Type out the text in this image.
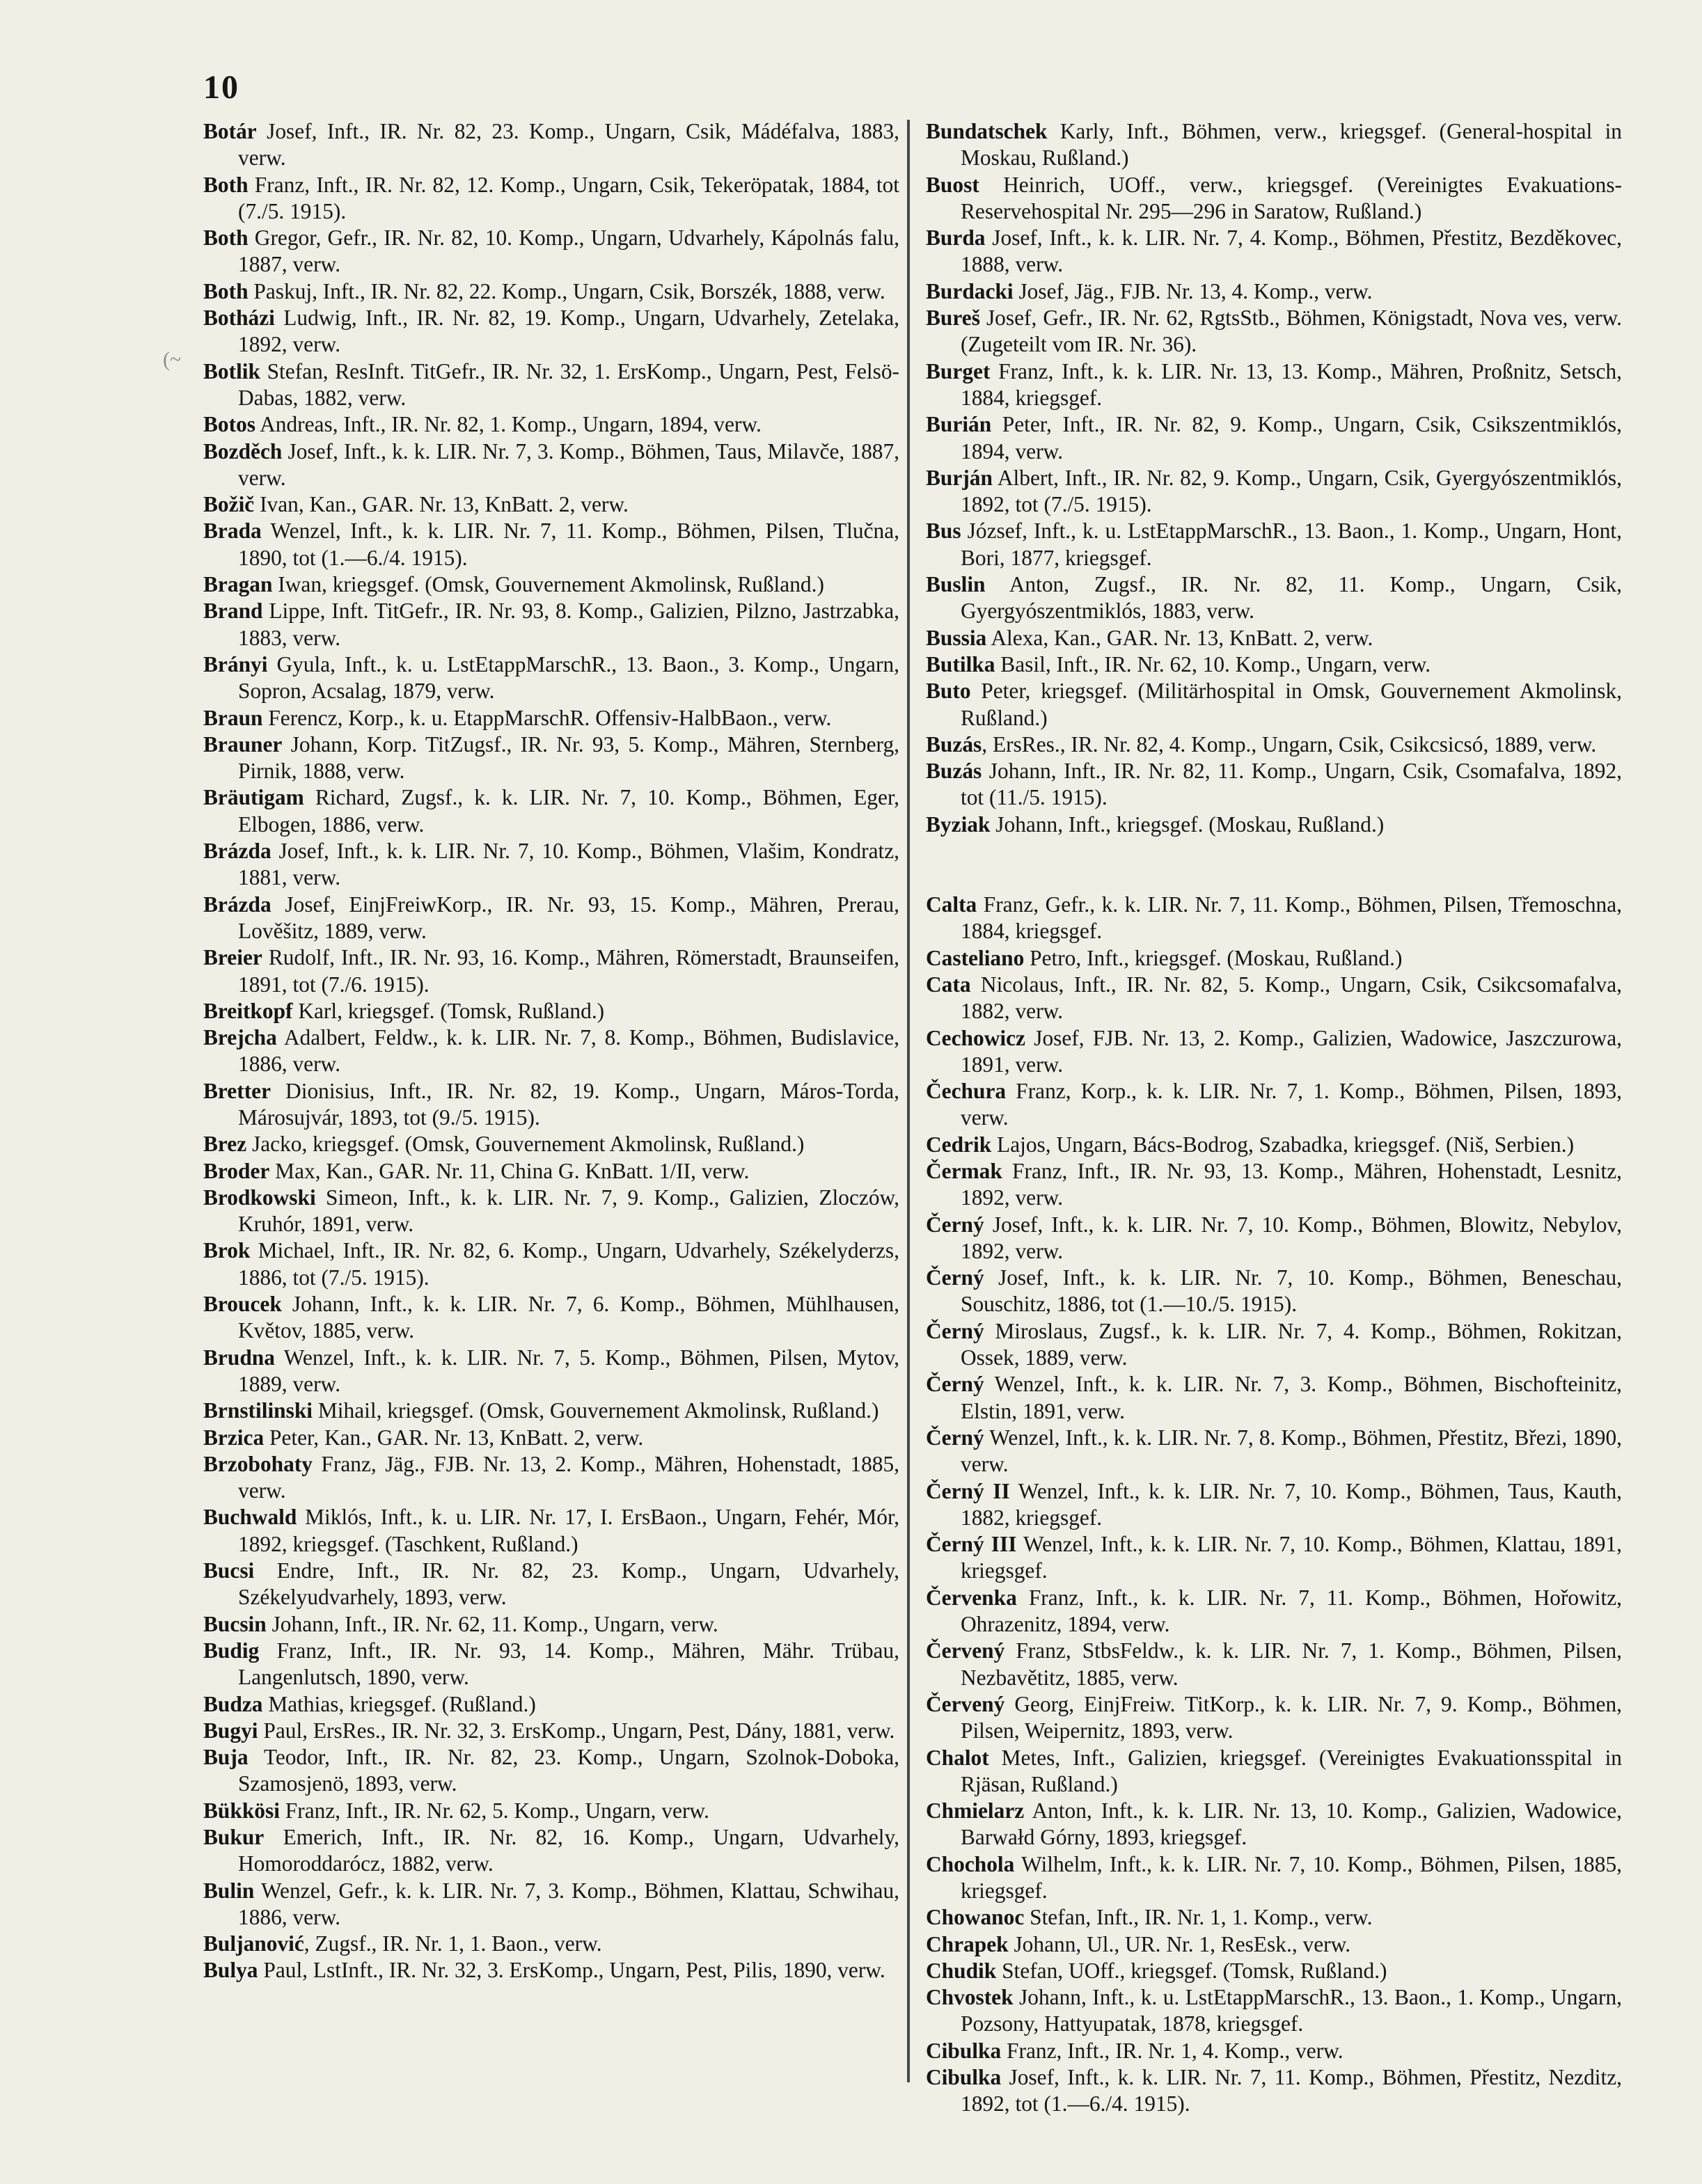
10

Botár Josef, Inft., IR. Nr. 82, 23. Komp., Ungarn, Csik, Mádéfalva, 1883, verw.

Both Franz, Inft., IR. Nr. 82, 12. Komp., Ungarn, Csik, Tekeröpatak, 1884, tot (7./5. 1915).

Both Gregor, Gefr., IR. Nr. 82, 10. Komp., Ungarn, Udvarhely, Kápolnás falu, 1887, verw.

Both Paskuj, Inft., IR. Nr. 82, 22. Komp., Ungarn, Csik, Borszék, 1888, verw.

Botházi Ludwig, Inft., IR. Nr. 82, 19. Komp., Ungarn, Udvarhely, Zetelaka, 1892, verw.

Botlik Stefan, ResInft. TitGefr., IR. Nr. 32, 1. ErsKomp., Ungarn, Pest, Felsö-Dabas, 1882, verw.

Botos Andreas, Inft., IR. Nr. 82, 1. Komp., Ungarn, 1894, verw.

Bozděch Josef, Inft., k. k. LIR. Nr. 7, 3. Komp., Böhmen, Taus, Milavče, 1887, verw.

Božič Ivan, Kan., GAR. Nr. 13, KnBatt. 2, verw.

Brada Wenzel, Inft., k. k. LIR. Nr. 7, 11. Komp., Böhmen, Pilsen, Tlučna, 1890, tot (1.—6./4. 1915).

Bragan Iwan, kriegsgef. (Omsk, Gouvernement Akmolinsk, Rußland.)

Brand Lippe, Inft. TitGefr., IR. Nr. 93, 8. Komp., Galizien, Pilzno, Jastrzabka, 1883, verw.

Brányi Gyula, Inft., k. u. LstEtappMarschR., 13. Baon., 3. Komp., Ungarn, Sopron, Acsalag, 1879, verw.

Braun Ferencz, Korp., k. u. EtappMarschR. Offensiv-HalbBaon., verw.

Brauner Johann, Korp. TitZugsf., IR. Nr. 93, 5. Komp., Mähren, Sternberg, Pirnik, 1888, verw.

Bräutigam Richard, Zugsf., k. k. LIR. Nr. 7, 10. Komp., Böhmen, Eger, Elbogen, 1886, verw.

Brázda Josef, Inft., k. k. LIR. Nr. 7, 10. Komp., Böhmen, Vlašim, Kondratz, 1881, verw.

Brázda Josef, EinjFreiwKorp., IR. Nr. 93, 15. Komp., Mähren, Prerau, Lověšitz, 1889, verw.

Breier Rudolf, Inft., IR. Nr. 93, 16. Komp., Mähren, Römerstadt, Braunseifen, 1891, tot (7./6. 1915).

Breitkopf Karl, kriegsgef. (Tomsk, Rußland.)

Brejcha Adalbert, Feldw., k. k. LIR. Nr. 7, 8. Komp., Böhmen, Budislavice, 1886, verw.

Bretter Dionisius, Inft., IR. Nr. 82, 19. Komp., Ungarn, Máros-Torda, Márosujvár, 1893, tot (9./5. 1915).

Brez Jacko, kriegsgef. (Omsk, Gouvernement Akmolinsk, Rußland.)

Broder Max, Kan., GAR. Nr. 11, China G. KnBatt. 1/II, verw.

Brodkowski Simeon, Inft., k. k. LIR. Nr. 7, 9. Komp., Galizien, Zloczów, Kruhór, 1891, verw.

Brok Michael, Inft., IR. Nr. 82, 6. Komp., Ungarn, Udvarhely, Székelyderzs, 1886, tot (7./5. 1915).

Broucek Johann, Inft., k. k. LIR. Nr. 7, 6. Komp., Böhmen, Mühlhausen, Květov, 1885, verw.

Brudna Wenzel, Inft., k. k. LIR. Nr. 7, 5. Komp., Böhmen, Pilsen, Mytov, 1889, verw.

Brnstilinski Mihail, kriegsgef. (Omsk, Gouvernement Akmolinsk, Rußland.)

Brzica Peter, Kan., GAR. Nr. 13, KnBatt. 2, verw.

Brzobohaty Franz, Jäg., FJB. Nr. 13, 2. Komp., Mähren, Hohenstadt, 1885, verw.

Buchwald Miklós, Inft., k. u. LIR. Nr. 17, I. ErsBaon., Ungarn, Fehér, Mór, 1892, kriegsgef. (Taschkent, Rußland.)

Bucsi Endre, Inft., IR. Nr. 82, 23. Komp., Ungarn, Udvarhely, Székelyudvarhely, 1893, verw.

Bucsin Johann, Inft., IR. Nr. 62, 11. Komp., Ungarn, verw.

Budig Franz, Inft., IR. Nr. 93, 14. Komp., Mähren, Mähr. Trübau, Langenlutsch, 1890, verw.

Budza Mathias, kriegsgef. (Rußland.)

Bugyi Paul, ErsRes., IR. Nr. 32, 3. ErsKomp., Ungarn, Pest, Dány, 1881, verw.

Buja Teodor, Inft., IR. Nr. 82, 23. Komp., Ungarn, Szolnok-Doboka, Szamosjenö, 1893, verw.

Bükkösi Franz, Inft., IR. Nr. 62, 5. Komp., Ungarn, verw.

Bukur Emerich, Inft., IR. Nr. 82, 16. Komp., Ungarn, Udvarhely, Homoroddarócz, 1882, verw.

Bulin Wenzel, Gefr., k. k. LIR. Nr. 7, 3. Komp., Böhmen, Klattau, Schwihau, 1886, verw.

Buljanović, Zugsf., IR. Nr. 1, 1. Baon., verw.

Bulya Paul, LstInft., IR. Nr. 32, 3. ErsKomp., Ungarn, Pest, Pilis, 1890, verw.

Bundatschek Karly, Inft., Böhmen, verw., kriegsgef. (General-hospital in Moskau, Rußland.)

Buost Heinrich, UOff., verw., kriegsgef. (Vereinigtes Evakuations-Reservehospital Nr. 295—296 in Saratow, Rußland.)

Burda Josef, Inft., k. k. LIR. Nr. 7, 4. Komp., Böhmen, Přestitz, Bezděkovec, 1888, verw.

Burdacki Josef, Jäg., FJB. Nr. 13, 4. Komp., verw.

Bureš Josef, Gefr., IR. Nr. 62, RgtsStb., Böhmen, Königstadt, Nova ves, verw. (Zugeteilt vom IR. Nr. 36).

Burget Franz, Inft., k. k. LIR. Nr. 13, 13. Komp., Mähren, Proßnitz, Setsch, 1884, kriegsgef.

Burián Peter, Inft., IR. Nr. 82, 9. Komp., Ungarn, Csik, Csikszentmiklós, 1894, verw.

Burján Albert, Inft., IR. Nr. 82, 9. Komp., Ungarn, Csik, Gyergyószentmiklós, 1892, tot (7./5. 1915).

Bus József, Inft., k. u. LstEtappMarschR., 13. Baon., 1. Komp., Ungarn, Hont, Bori, 1877, kriegsgef.

Buslin Anton, Zugsf., IR. Nr. 82, 11. Komp., Ungarn, Csik, Gyergyószentmiklós, 1883, verw.

Bussia Alexa, Kan., GAR. Nr. 13, KnBatt. 2, verw.

Butilka Basil, Inft., IR. Nr. 62, 10. Komp., Ungarn, verw.

Buto Peter, kriegsgef. (Militärhospital in Omsk, Gouvernement Akmolinsk, Rußland.)

Buzás, ErsRes., IR. Nr. 82, 4. Komp., Ungarn, Csik, Csikcsicsó, 1889, verw.

Buzás Johann, Inft., IR. Nr. 82, 11. Komp., Ungarn, Csik, Csomafalva, 1892, tot (11./5. 1915).

Byziak Johann, Inft., kriegsgef. (Moskau, Rußland.)

Calta Franz, Gefr., k. k. LIR. Nr. 7, 11. Komp., Böhmen, Pilsen, Třemoschna, 1884, kriegsgef.

Casteliano Petro, Inft., kriegsgef. (Moskau, Rußland.)

Cata Nicolaus, Inft., IR. Nr. 82, 5. Komp., Ungarn, Csik, Csikcsomafalva, 1882, verw.

Cechowicz Josef, FJB. Nr. 13, 2. Komp., Galizien, Wadowice, Jaszczurowa, 1891, verw.

Čechura Franz, Korp., k. k. LIR. Nr. 7, 1. Komp., Böhmen, Pilsen, 1893, verw.

Cedrik Lajos, Ungarn, Bács-Bodrog, Szabadka, kriegsgef. (Niš, Serbien.)

Čermak Franz, Inft., IR. Nr. 93, 13. Komp., Mähren, Hohenstadt, Lesnitz, 1892, verw.

Černý Josef, Inft., k. k. LIR. Nr. 7, 10. Komp., Böhmen, Blowitz, Nebylov, 1892, verw.

Černý Josef, Inft., k. k. LIR. Nr. 7, 10. Komp., Böhmen, Beneschau, Souschitz, 1886, tot (1.—10./5. 1915).

Černý Miroslaus, Zugsf., k. k. LIR. Nr. 7, 4. Komp., Böhmen, Rokitzan, Ossek, 1889, verw.

Černý Wenzel, Inft., k. k. LIR. Nr. 7, 3. Komp., Böhmen, Bischofteinitz, Elstin, 1891, verw.

Černý Wenzel, Inft., k. k. LIR. Nr. 7, 8. Komp., Böhmen, Přestitz, Březi, 1890, verw.

Černý II Wenzel, Inft., k. k. LIR. Nr. 7, 10. Komp., Böhmen, Taus, Kauth, 1882, kriegsgef.

Černý III Wenzel, Inft., k. k. LIR. Nr. 7, 10. Komp., Böhmen, Klattau, 1891, kriegsgef.

Červenka Franz, Inft., k. k. LIR. Nr. 7, 11. Komp., Böhmen, Hořowitz, Ohrazenitz, 1894, verw.

Červený Franz, StbsFeldw., k. k. LIR. Nr. 7, 1. Komp., Böhmen, Pilsen, Nezbavětitz, 1885, verw.

Červený Georg, EinjFreiw. TitKorp., k. k. LIR. Nr. 7, 9. Komp., Böhmen, Pilsen, Weipernitz, 1893, verw.

Chalot Metes, Inft., Galizien, kriegsgef. (Vereinigtes Evakuationsspital in Rjäsan, Rußland.)

Chmielarz Anton, Inft., k. k. LIR. Nr. 13, 10. Komp., Galizien, Wadowice, Barwałd Górny, 1893, kriegsgef.

Chochola Wilhelm, Inft., k. k. LIR. Nr. 7, 10. Komp., Böhmen, Pilsen, 1885, kriegsgef.

Chowanoc Stefan, Inft., IR. Nr. 1, 1. Komp., verw.

Chrapek Johann, Ul., UR. Nr. 1, ResEsk., verw.

Chudik Stefan, UOff., kriegsgef. (Tomsk, Rußland.)

Chvostek Johann, Inft., k. u. LstEtappMarschR., 13. Baon., 1. Komp., Ungarn, Pozsony, Hattyupatak, 1878, kriegsgef.

Cibulka Franz, Inft., IR. Nr. 1, 4. Komp., verw.

Cibulka Josef, Inft., k. k. LIR. Nr. 7, 11. Komp., Böhmen, Přestitz, Nezditz, 1892, tot (1.—6./4. 1915).

(~
